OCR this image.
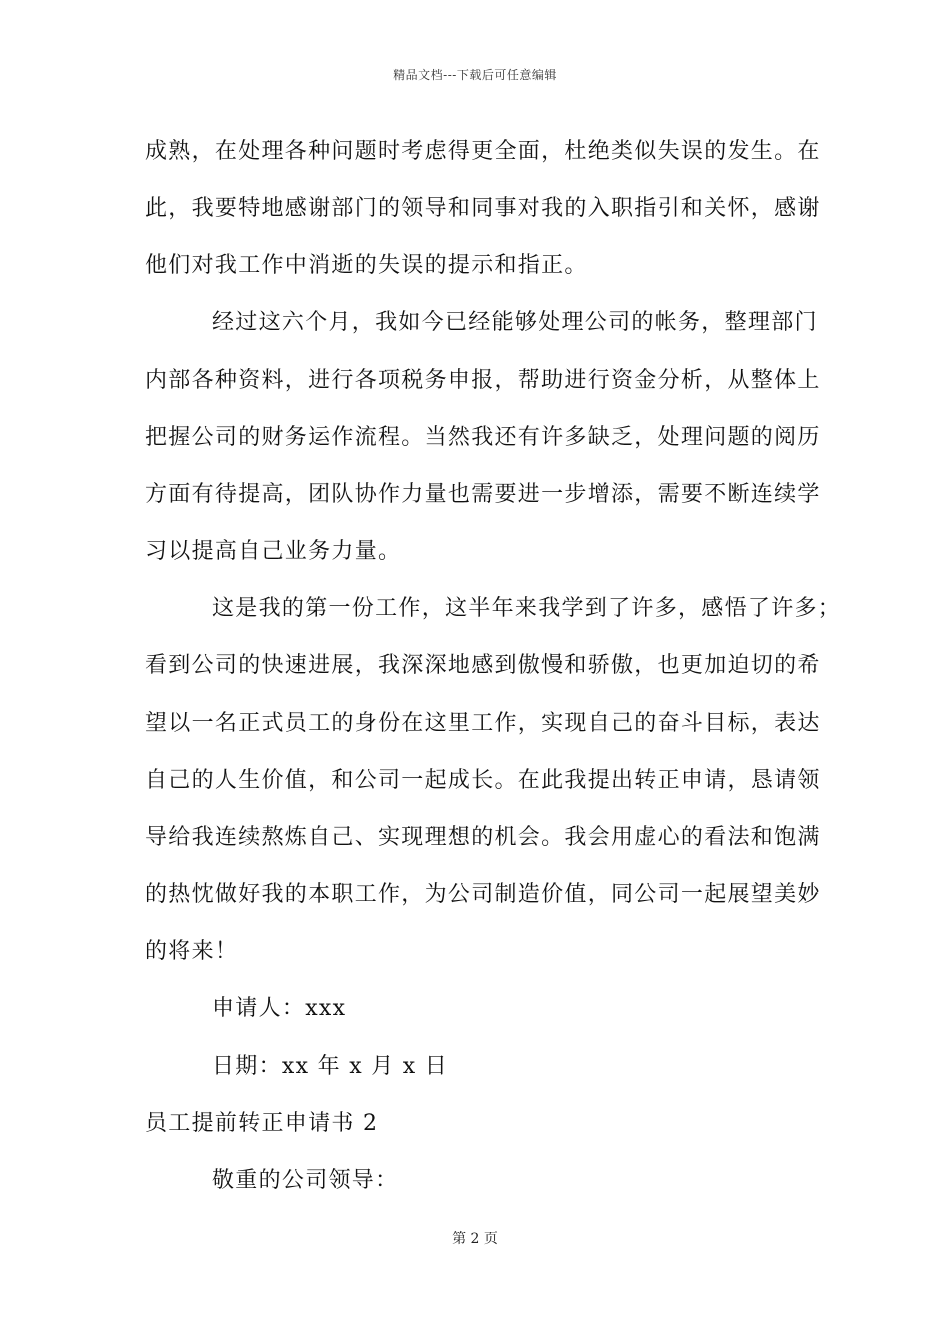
精品文档---下载后可任意编辑
成熟，在处理各种问题时考虑得更全面，杜绝类似失误的发生。在
此，我要特地感谢部门的领导和同事对我的入职指引和关怀，感谢
他们对我工作中消逝的失误的提示和指正。
经过这六个月，我如今已经能够处理公司的帐务，整理部门
内部各种资料，进行各项税务申报，帮助进行资金分析，从整体上
把握公司的财务运作流程。当然我还有许多缺乏，处理问题的阅历
方面有待提高，团队协作力量也需要进一步增添，需要不断连续学
习以提高自己业务力量。
这是我的第一份工作，这半年来我学到了许多，感悟了许多；
看到公司的快速进展，我深深地感到傲慢和骄傲，也更加迫切的希
望以一名正式员工的身份在这里工作，实现自己的奋斗目标，表达
自己的人生价值，和公司一起成长。在此我提出转正申请，恳请领
导给我连续熬炼自己、实现理想的机会。我会用虚心的看法和饱满
的热忱做好我的本职工作，为公司制造价值，同公司一起展望美妙
的将来！
申请人：xxx
日期：xx 年 x 月 x 日
员工提前转正申请书 2
敬重的公司领导：
第 2 页
